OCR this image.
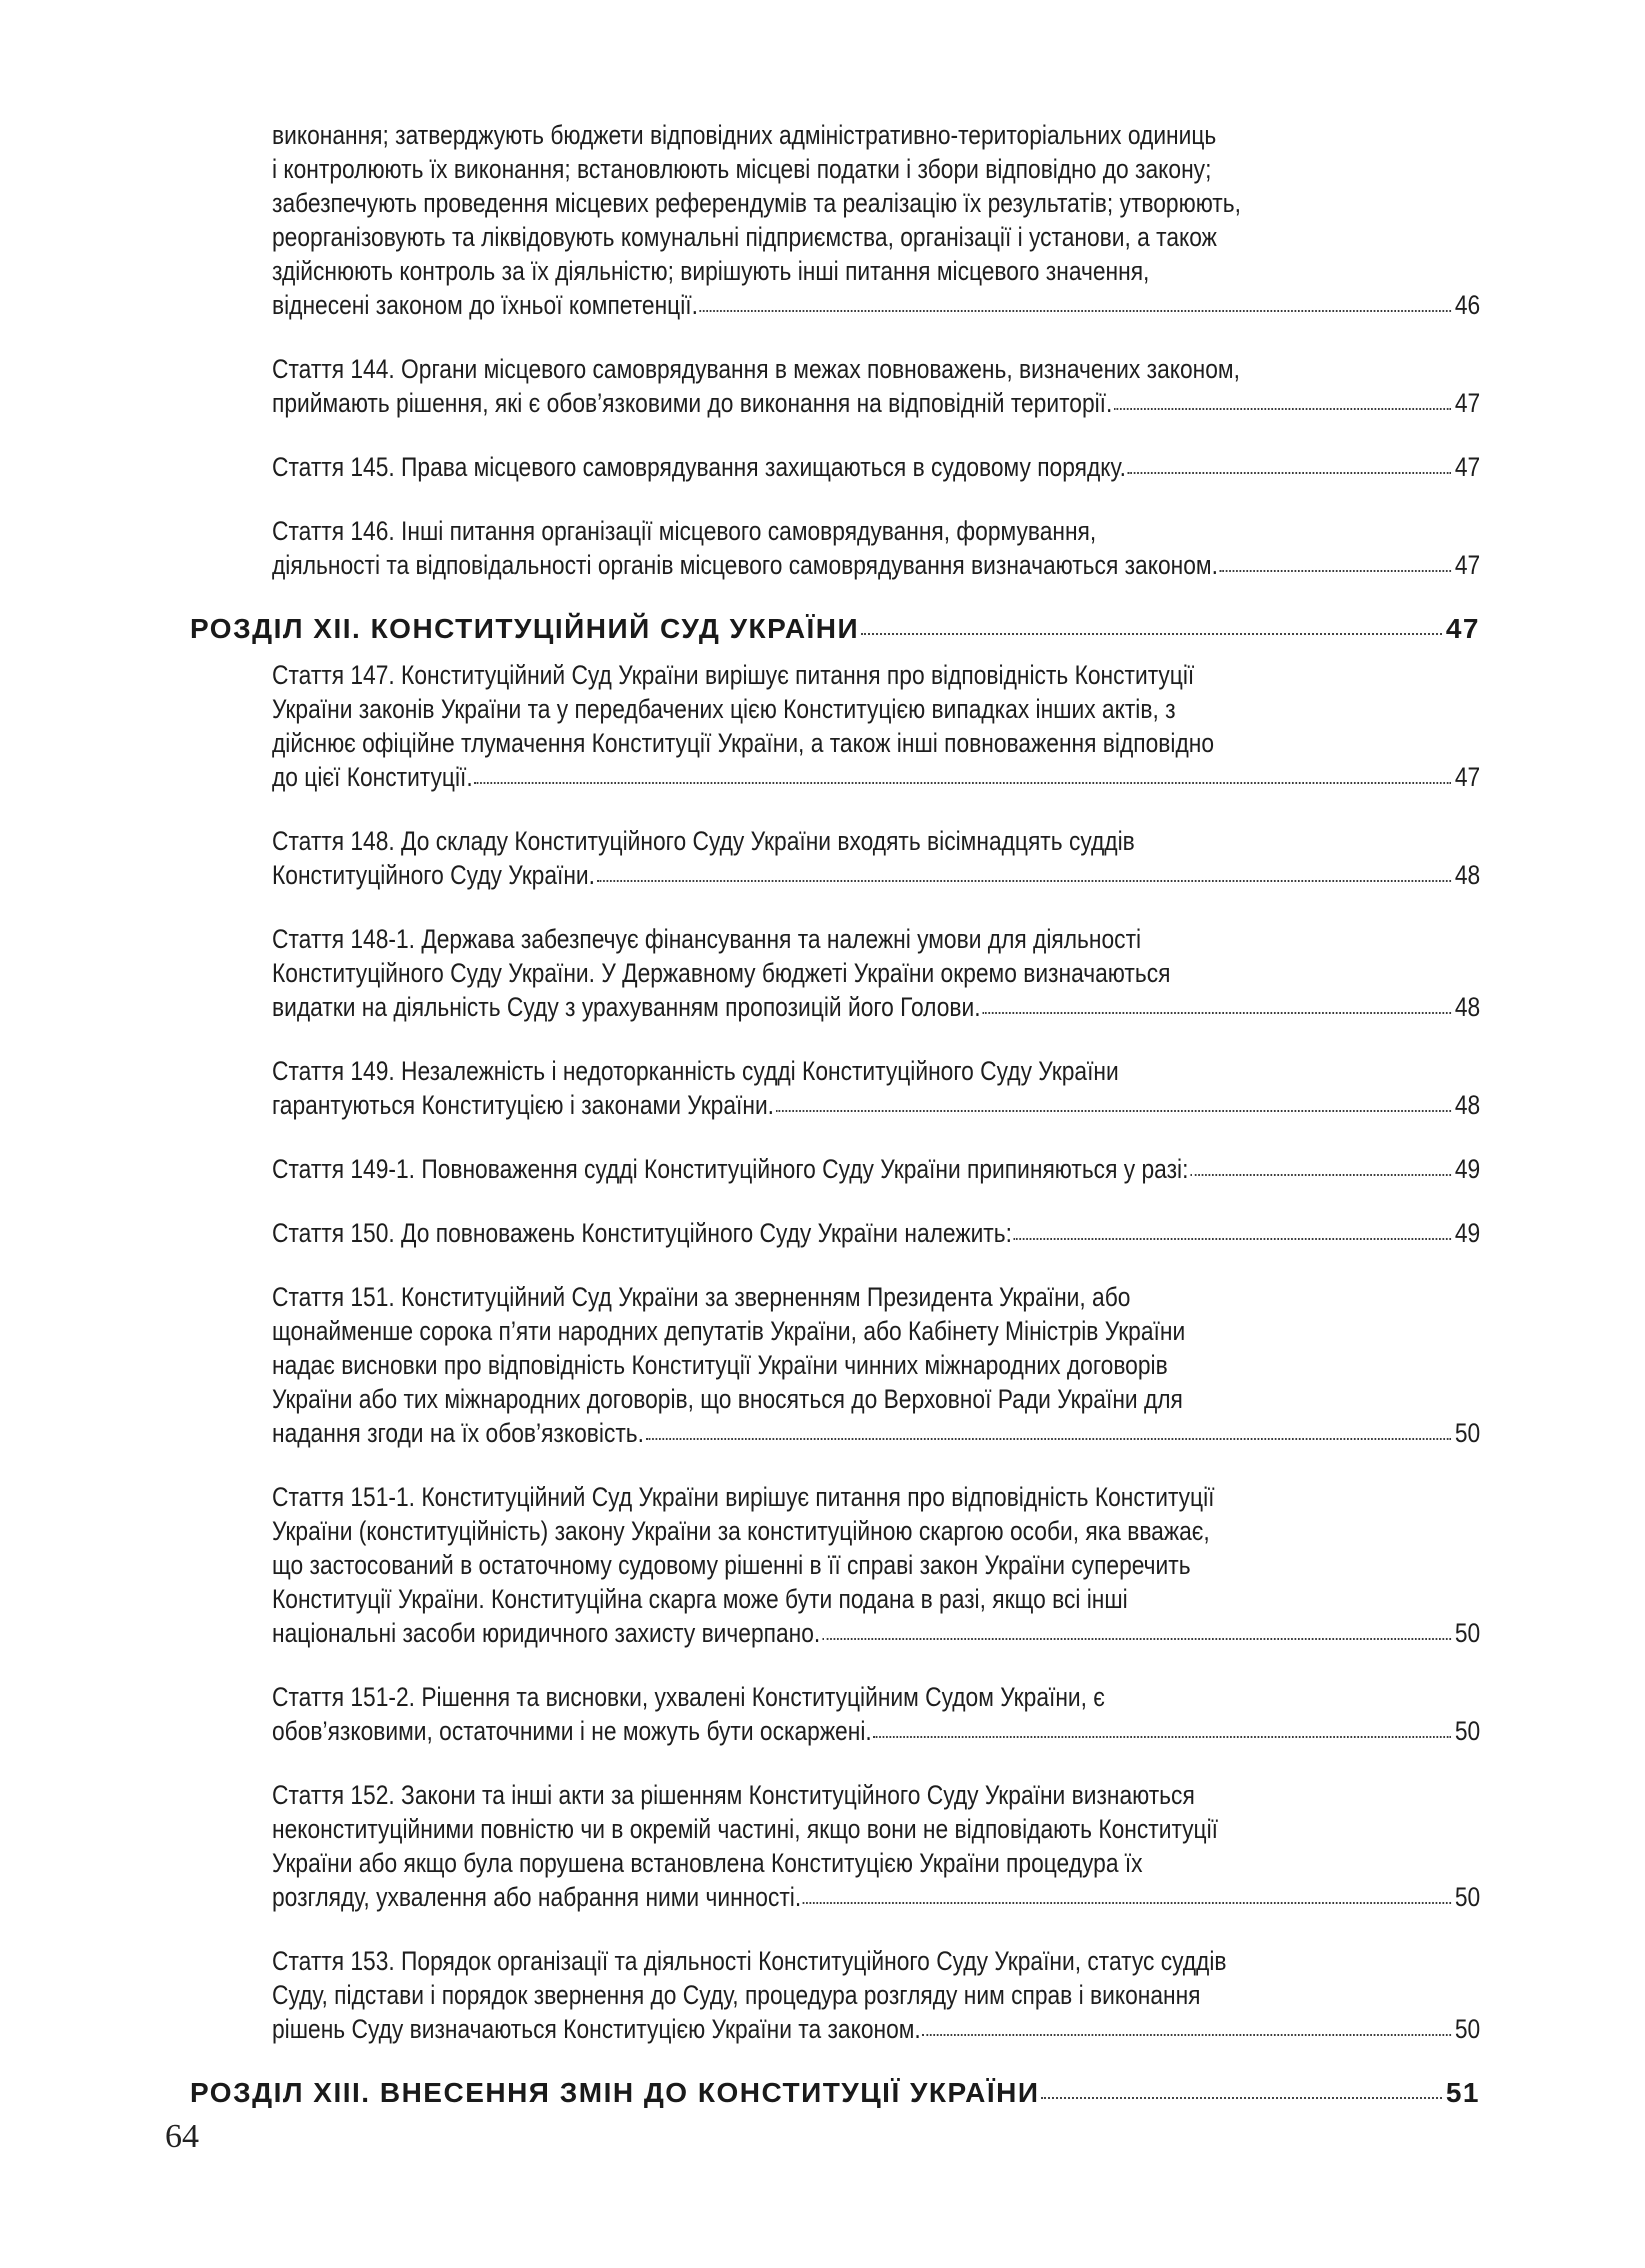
виконання; затверджують бюджети відповідних адміністративно-територіальних одиниць
і контролюють їх виконання; встановлюють місцеві податки і збори відповідно до закону;
забезпечують проведення місцевих референдумів та реалізацію їх результатів; утворюють,
реорганізовують та ліквідовують комунальні підприємства, організації і установи, а також
здійснюють контроль за їх діяльністю; вирішують інші питання місцевого значення,
віднесені законом до їхньої компетенції.	46
Стаття 144. Органи місцевого самоврядування в межах повноважень, визначених законом,
приймають рішення, які є обов’язковими до виконання на відповідній території.	47
Стаття 145. Права місцевого самоврядування захищаються в судовому порядку.	47
Стаття 146. Інші питання організації місцевого самоврядування, формування,
діяльності та відповідальності органів місцевого самоврядування визначаються законом.	47
РОЗДІЛ XII. КОНСТИТУЦІЙНИЙ СУД УКРАЇНИ	47
Стаття 147. Конституційний Суд України вирішує питання про відповідність Конституції
України законів України та у передбачених цією Конституцією випадках інших актів, з
дійснює офіційне тлумачення Конституції України, а також інші повноваження відповідно
до цієї Конституції.	47
Стаття 148. До складу Конституційного Суду України входять вісімнадцять суддів
Конституційного Суду України.	48
Стаття 148-1. Держава забезпечує фінансування та належні умови для діяльності
Конституційного Суду України. У Державному бюджеті України окремо визначаються
видатки на діяльність Суду з урахуванням пропозицій його Голови.	48
Стаття 149. Незалежність і недоторканність судді Конституційного Суду України
гарантуються Конституцією і законами України.	48
Стаття 149-1. Повноваження судді Конституційного Суду України припиняються у разі:	49
Стаття 150. До повноважень Конституційного Суду України належить:	49
Стаття 151. Конституційний Суд України за зверненням Президента України, або
щонайменше сорока п’яти народних депутатів України, або Кабінету Міністрів України
надає висновки про відповідність Конституції України чинних міжнародних договорів
України або тих міжнародних договорів, що вносяться до Верховної Ради України для
надання згоди на їх обов’язковість.	50
Стаття 151-1. Конституційний Суд України вирішує питання про відповідність Конституції
України (конституційність) закону України за конституційною скаргою особи, яка вважає,
що застосований в остаточному судовому рішенні в її справі закон України суперечить
Конституції України. Конституційна скарга може бути подана в разі, якщо всі інші
національні засоби юридичного захисту вичерпано.	50
Стаття 151-2. Рішення та висновки, ухвалені Конституційним Судом України, є
обов’язковими, остаточними і не можуть бути оскаржені.	50
Стаття 152. Закони та інші акти за рішенням Конституційного Суду України визнаються
неконституційними повністю чи в окремій частині, якщо вони не відповідають Конституції
України або якщо була порушена встановлена Конституцією України процедура їх
розгляду, ухвалення або набрання ними чинності.	50
Стаття 153. Порядок організації та діяльності Конституційного Суду України, статус суддів
Суду, підстави і порядок звернення до Суду, процедура розгляду ним справ і виконання
рішень Суду визначаються Конституцією України та законом.	50
РОЗДІЛ XIII. ВНЕСЕННЯ ЗМІН ДО КОНСТИТУЦІЇ УКРАЇНИ	51
64
